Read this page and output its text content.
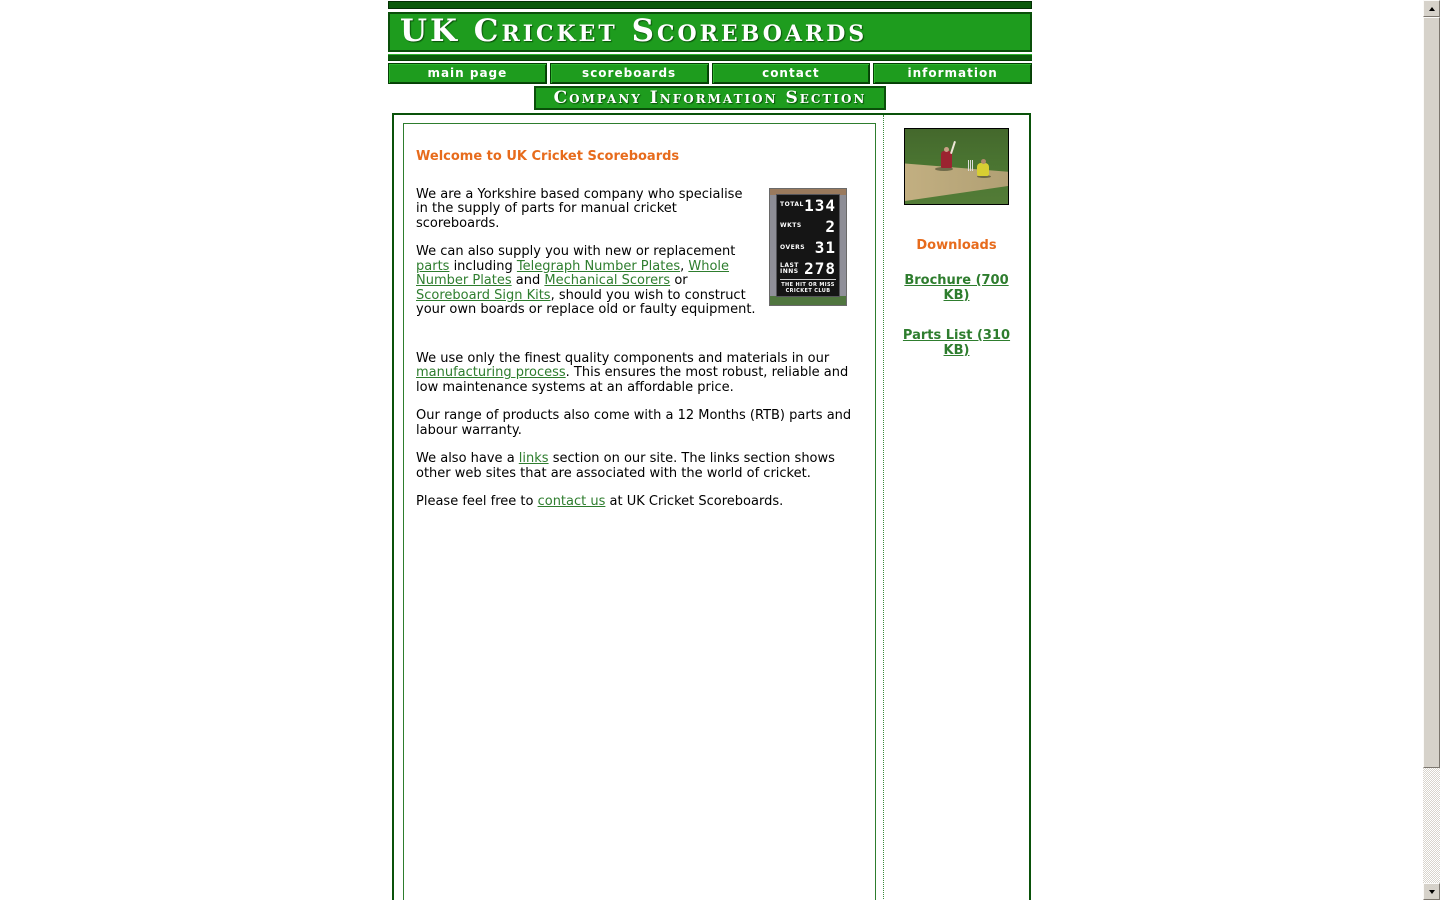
UK Cricket Scoreboards
main page	scoreboards	contact	information
Company Information Section
Welcome to UK Cricket Scoreboards
TOTAL 134
WKTS 2
OVERS 31
LAST INNS 278
THE HIT OR MISS CRICKET CLUB

We are a Yorkshire based company who specialise in the supply of parts for manual cricket scoreboards.

We can also supply you with new or replacement parts including Telegraph Number Plates, Whole Number Plates and Mechanical Scorers or Scoreboard Sign Kits, should you wish to construct your own boards or replace old or faulty equipment.

We use only the finest quality components and materials in our manufacturing process. This ensures the most robust, reliable and low maintenance systems at an affordable price.

Our range of products also come with a 12 Months (RTB) parts and labour warranty.

We also have a links section on our site. The links section shows other web sites that are associated with the world of cricket.

Please feel free to contact us at UK Cricket Scoreboards.

Downloads
Brochure (700 KB)
Parts List (310 KB)
